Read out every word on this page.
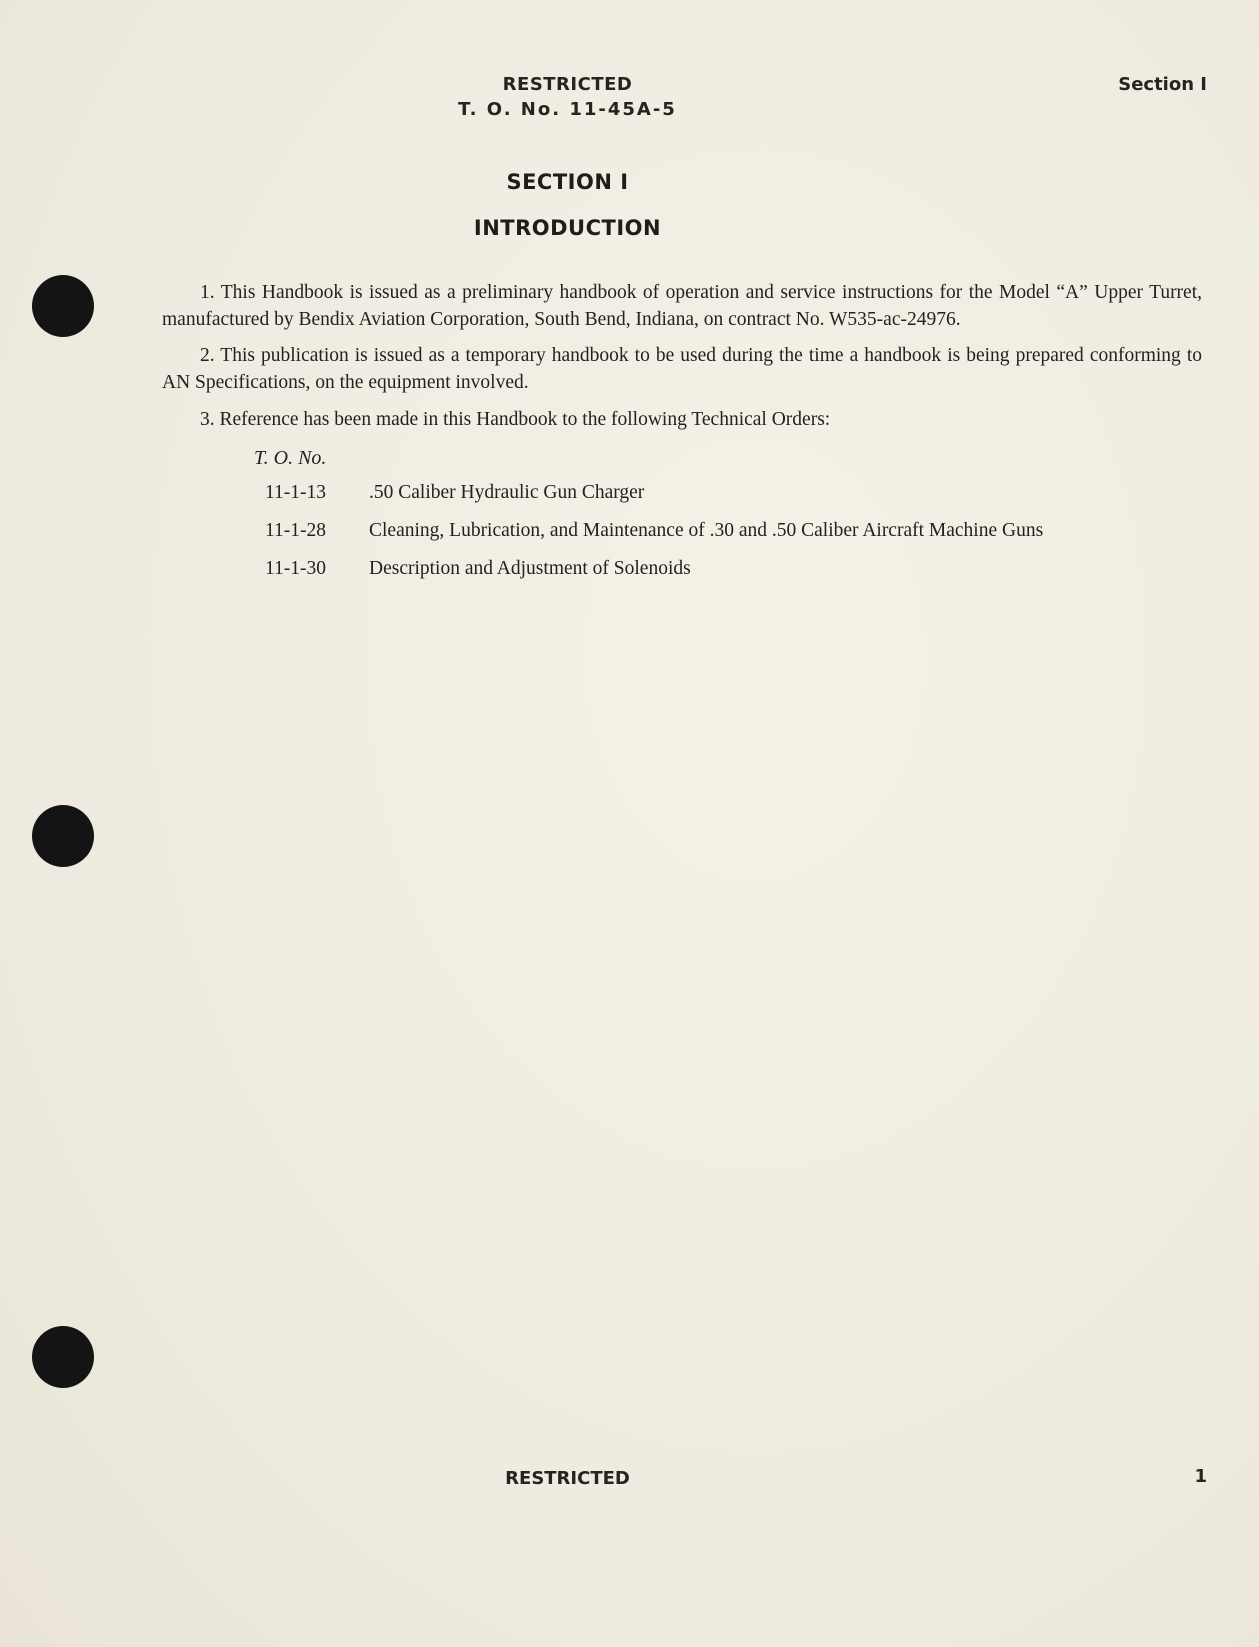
RESTRICTED
T. O. No. 11-45A-5
Section I
SECTION I
INTRODUCTION
1. This Handbook is issued as a preliminary handbook of operation and service instructions for the Model “A” Upper Turret, manufactured by Bendix Aviation Corporation, South Bend, Indiana, on contract No. W535-ac-24976.
2. This publication is issued as a temporary handbook to be used during the time a handbook is being prepared conforming to AN Specifications, on the equipment involved.
3. Reference has been made in this Handbook to the following Technical Orders:
T. O. No.
11-1-13	.50 Caliber Hydraulic Gun Charger
11-1-28	Cleaning, Lubrication, and Maintenance of .30 and .50 Caliber Aircraft Machine Guns
11-1-30	Description and Adjustment of Solenoids
RESTRICTED	1
